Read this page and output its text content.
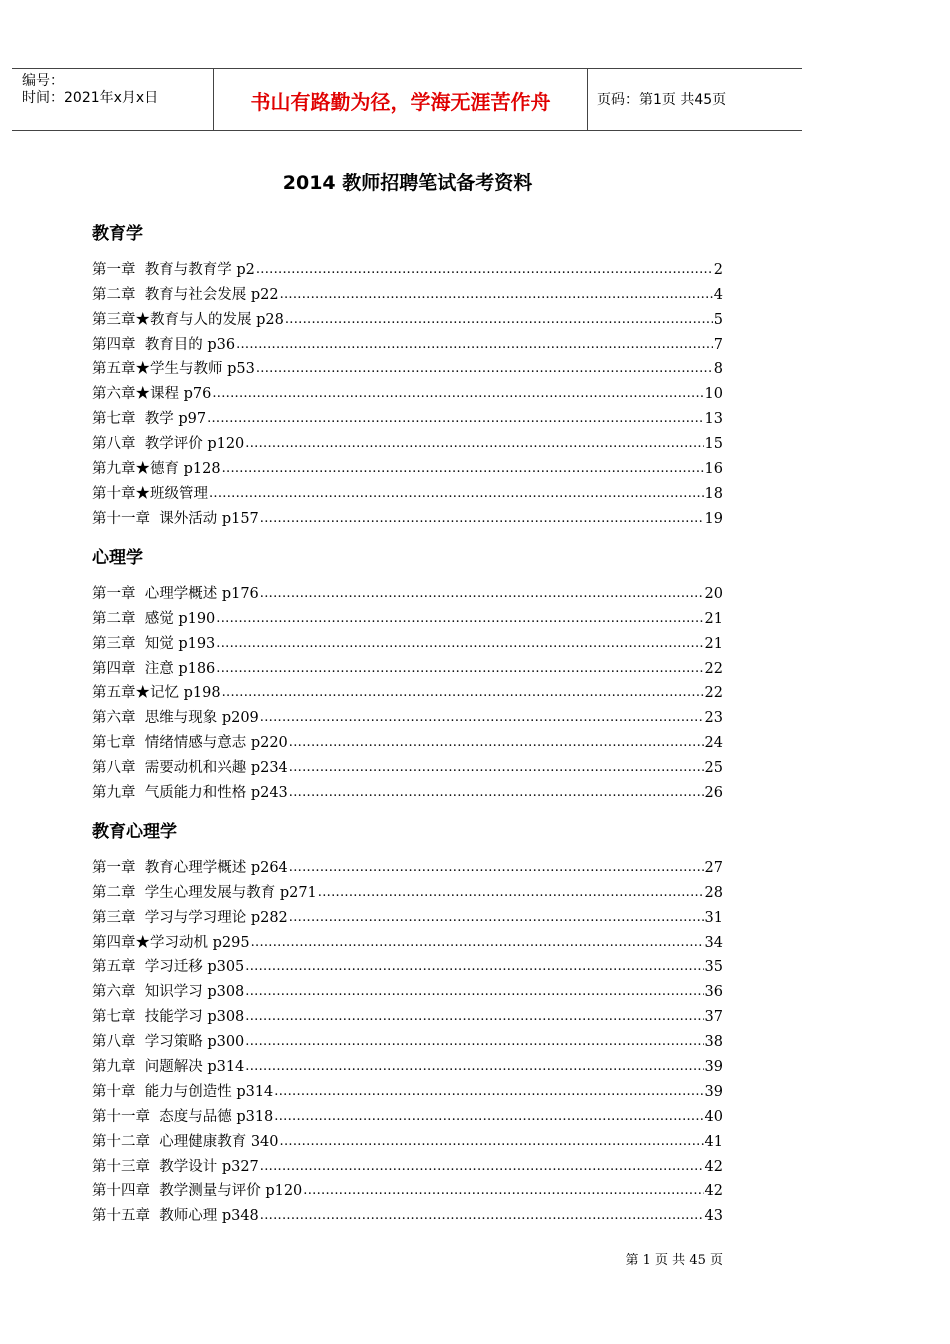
编号：
时间：2021年x月x日	书山有路勤为径，学海无涯苦作舟	页码：第1页 共45页
2014 教师招聘笔试备考资料
教育学
第一章  教育与教育学 p2 .....	2
第二章  教育与社会发展 p22 .....	4
第三章★教育与人的发展 p28 .....	5
第四章  教育目的 p36 .....	7
第五章★学生与教师 p53 .....	8
第六章★课程 p76 .....	10
第七章  教学 p97 .....	13
第八章  教学评价 p120 .....	15
第九章★德育 p128 .....	16
第十章★班级管理 .....	18
第十一章  课外活动 p157 .....	19
心理学
第一章  心理学概述 p176 .....	20
第二章  感觉 p190 .....	21
第三章  知觉 p193 .....	21
第四章  注意 p186 .....	22
第五章★记忆 p198 .....	22
第六章  思维与现象 p209 .....	23
第七章  情绪情感与意志 p220 .....	24
第八章  需要动机和兴趣 p234 .....	25
第九章  气质能力和性格 p243 .....	26
教育心理学
第一章  教育心理学概述 p264 .....	27
第二章  学生心理发展与教育 p271 .....	28
第三章  学习与学习理论 p282 .....	31
第四章★学习动机 p295 .....	34
第五章  学习迁移 p305 .....	35
第六章  知识学习 p308 .....	36
第七章  技能学习 p308 .....	37
第八章  学习策略 p300 .....	38
第九章  问题解决 p314 .....	39
第十章  能力与创造性 p314 .....	39
第十一章  态度与品德 p318 .....	40
第十二章  心理健康教育 340 .....	41
第十三章  教学设计 p327 .....	42
第十四章  教学测量与评价 p120 .....	42
第十五章  教师心理 p348 .....	43
第 1 页 共 45 页
